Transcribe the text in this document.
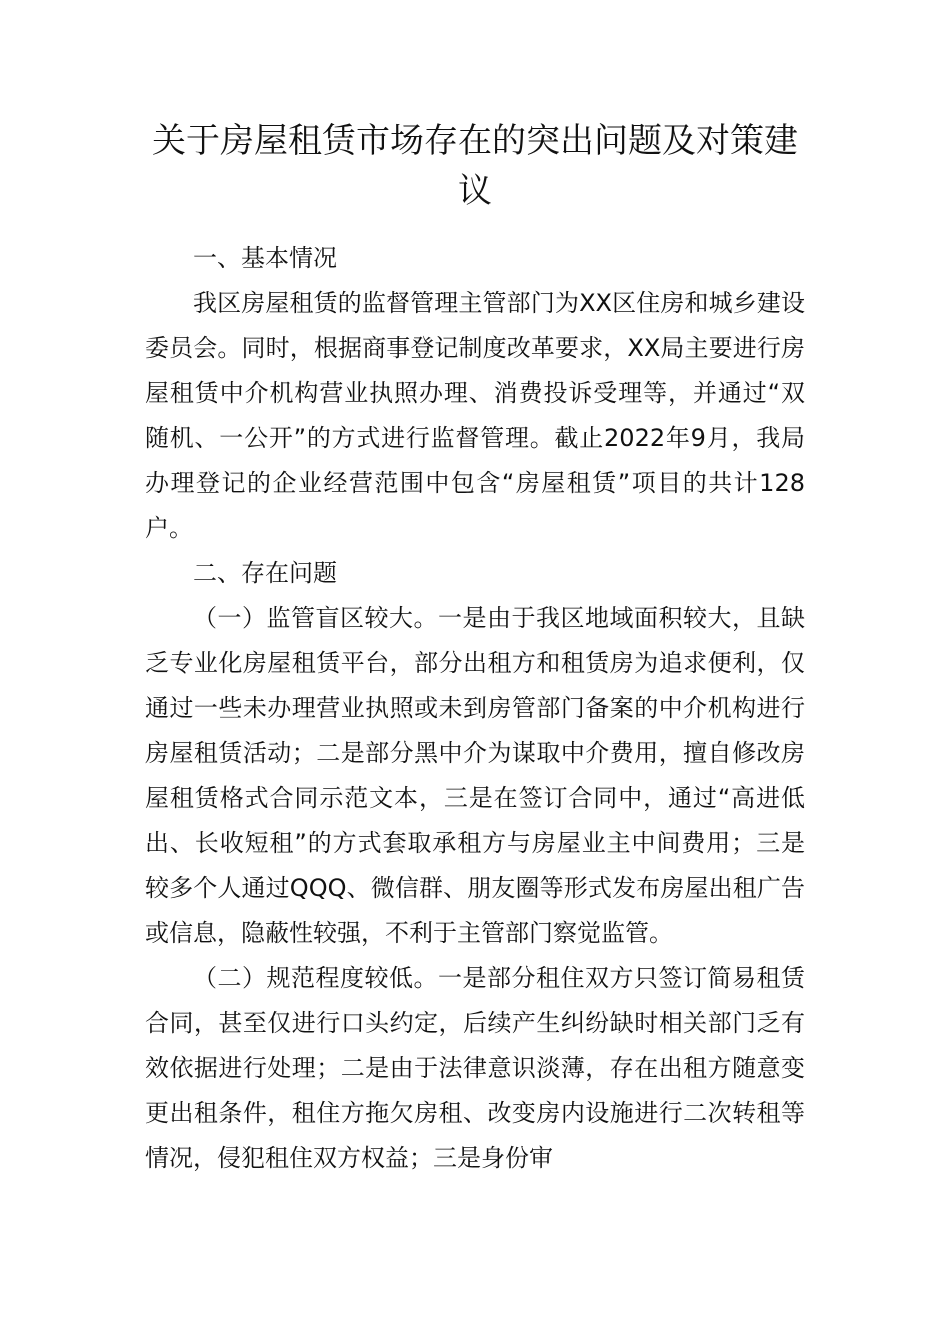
关于房屋租赁市场存在的突出问题及对策建议

一、基本情况

我区房屋租赁的监督管理主管部门为XX区住房和城乡建设委员会。同时，根据商事登记制度改革要求，XX局主要进行房屋租赁中介机构营业执照办理、消费投诉受理等，并通过“双随机、一公开”的方式进行监督管理。截止2022年9月，我局办理登记的企业经营范围中包含“房屋租赁”项目的共计128户。

二、存在问题

（一）监管盲区较大。一是由于我区地域面积较大，且缺乏专业化房屋租赁平台，部分出租方和租赁房为追求便利，仅通过一些未办理营业执照或未到房管部门备案的中介机构进行房屋租赁活动；二是部分黑中介为谋取中介费用，擅自修改房屋租赁格式合同示范文本，三是在签订合同中，通过“高进低出、长收短租”的方式套取承租方与房屋业主中间费用；三是较多个人通过QQQ、微信群、朋友圈等形式发布房屋出租广告或信息，隐蔽性较强，不利于主管部门察觉监管。

（二）规范程度较低。一是部分租住双方只签订简易租赁合同，甚至仅进行口头约定，后续产生纠纷缺时相关部门乏有效依据进行处理；二是由于法律意识淡薄，存在出租方随意变更出租条件，租住方拖欠房租、改变房内设施进行二次转租等情况，侵犯租住双方权益；三是身份审
